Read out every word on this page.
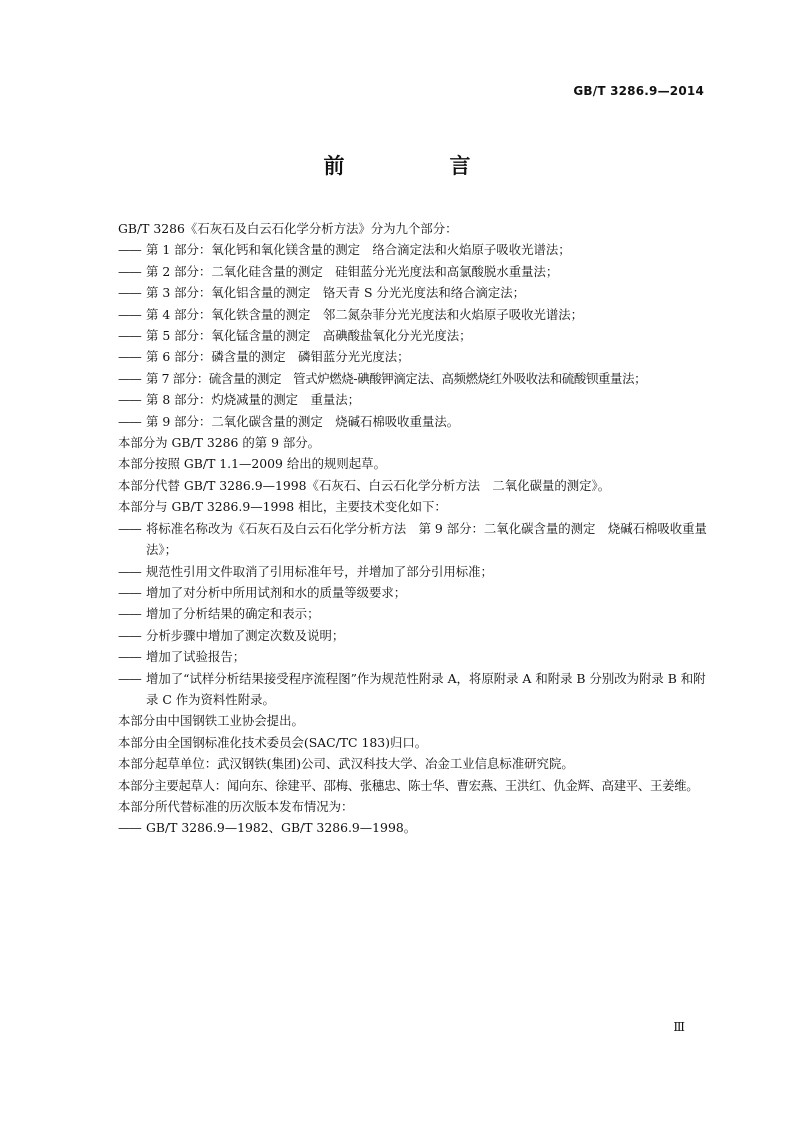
GB/T 3286.9—2014
前　言
GB/T 3286《石灰石及白云石化学分析方法》分为九个部分：
—— 第 1 部分：氧化钙和氧化镁含量的测定　络合滴定法和火焰原子吸收光谱法；
—— 第 2 部分：二氧化硅含量的测定　硅钼蓝分光光度法和高氯酸脱水重量法；
—— 第 3 部分：氧化铝含量的测定　铬天青 S 分光光度法和络合滴定法；
—— 第 4 部分：氧化铁含量的测定　邻二氮杂菲分光光度法和火焰原子吸收光谱法；
—— 第 5 部分：氧化锰含量的测定　高碘酸盐氧化分光光度法；
—— 第 6 部分：磷含量的测定　磷钼蓝分光光度法；
—— 第 7 部分：硫含量的测定　管式炉燃烧-碘酸钾滴定法、高频燃烧红外吸收法和硫酸钡重量法；
—— 第 8 部分：灼烧减量的测定　重量法；
—— 第 9 部分：二氧化碳含量的测定　烧碱石棉吸收重量法。
本部分为 GB/T 3286 的第 9 部分。
本部分按照 GB/T 1.1—2009 给出的规则起草。
本部分代替 GB/T 3286.9—1998《石灰石、白云石化学分析方法　二氧化碳量的测定》。
本部分与 GB/T 3286.9—1998 相比，主要技术变化如下：
—— 将标准名称改为《石灰石及白云石化学分析方法　第 9 部分：二氧化碳含量的测定　烧碱石棉吸收重量法》；
—— 规范性引用文件取消了引用标准年号，并增加了部分引用标准；
—— 增加了对分析中所用试剂和水的质量等级要求；
—— 增加了分析结果的确定和表示；
—— 分析步骤中增加了测定次数及说明；
—— 增加了试验报告；
—— 增加了“试样分析结果接受程序流程图”作为规范性附录 A，将原附录 A 和附录 B 分别改为附录 B 和附录 C 作为资料性附录。
本部分由中国钢铁工业协会提出。
本部分由全国钢标准化技术委员会(SAC/TC 183)归口。
本部分起草单位：武汉钢铁(集团)公司、武汉科技大学、冶金工业信息标准研究院。
本部分主要起草人：闻向东、徐建平、邵梅、张穗忠、陈士华、曹宏燕、王洪红、仇金辉、高建平、王姜维。
本部分所代替标准的历次版本发布情况为：
—— GB/T 3286.9—1982、GB/T 3286.9—1998。
Ⅲ
